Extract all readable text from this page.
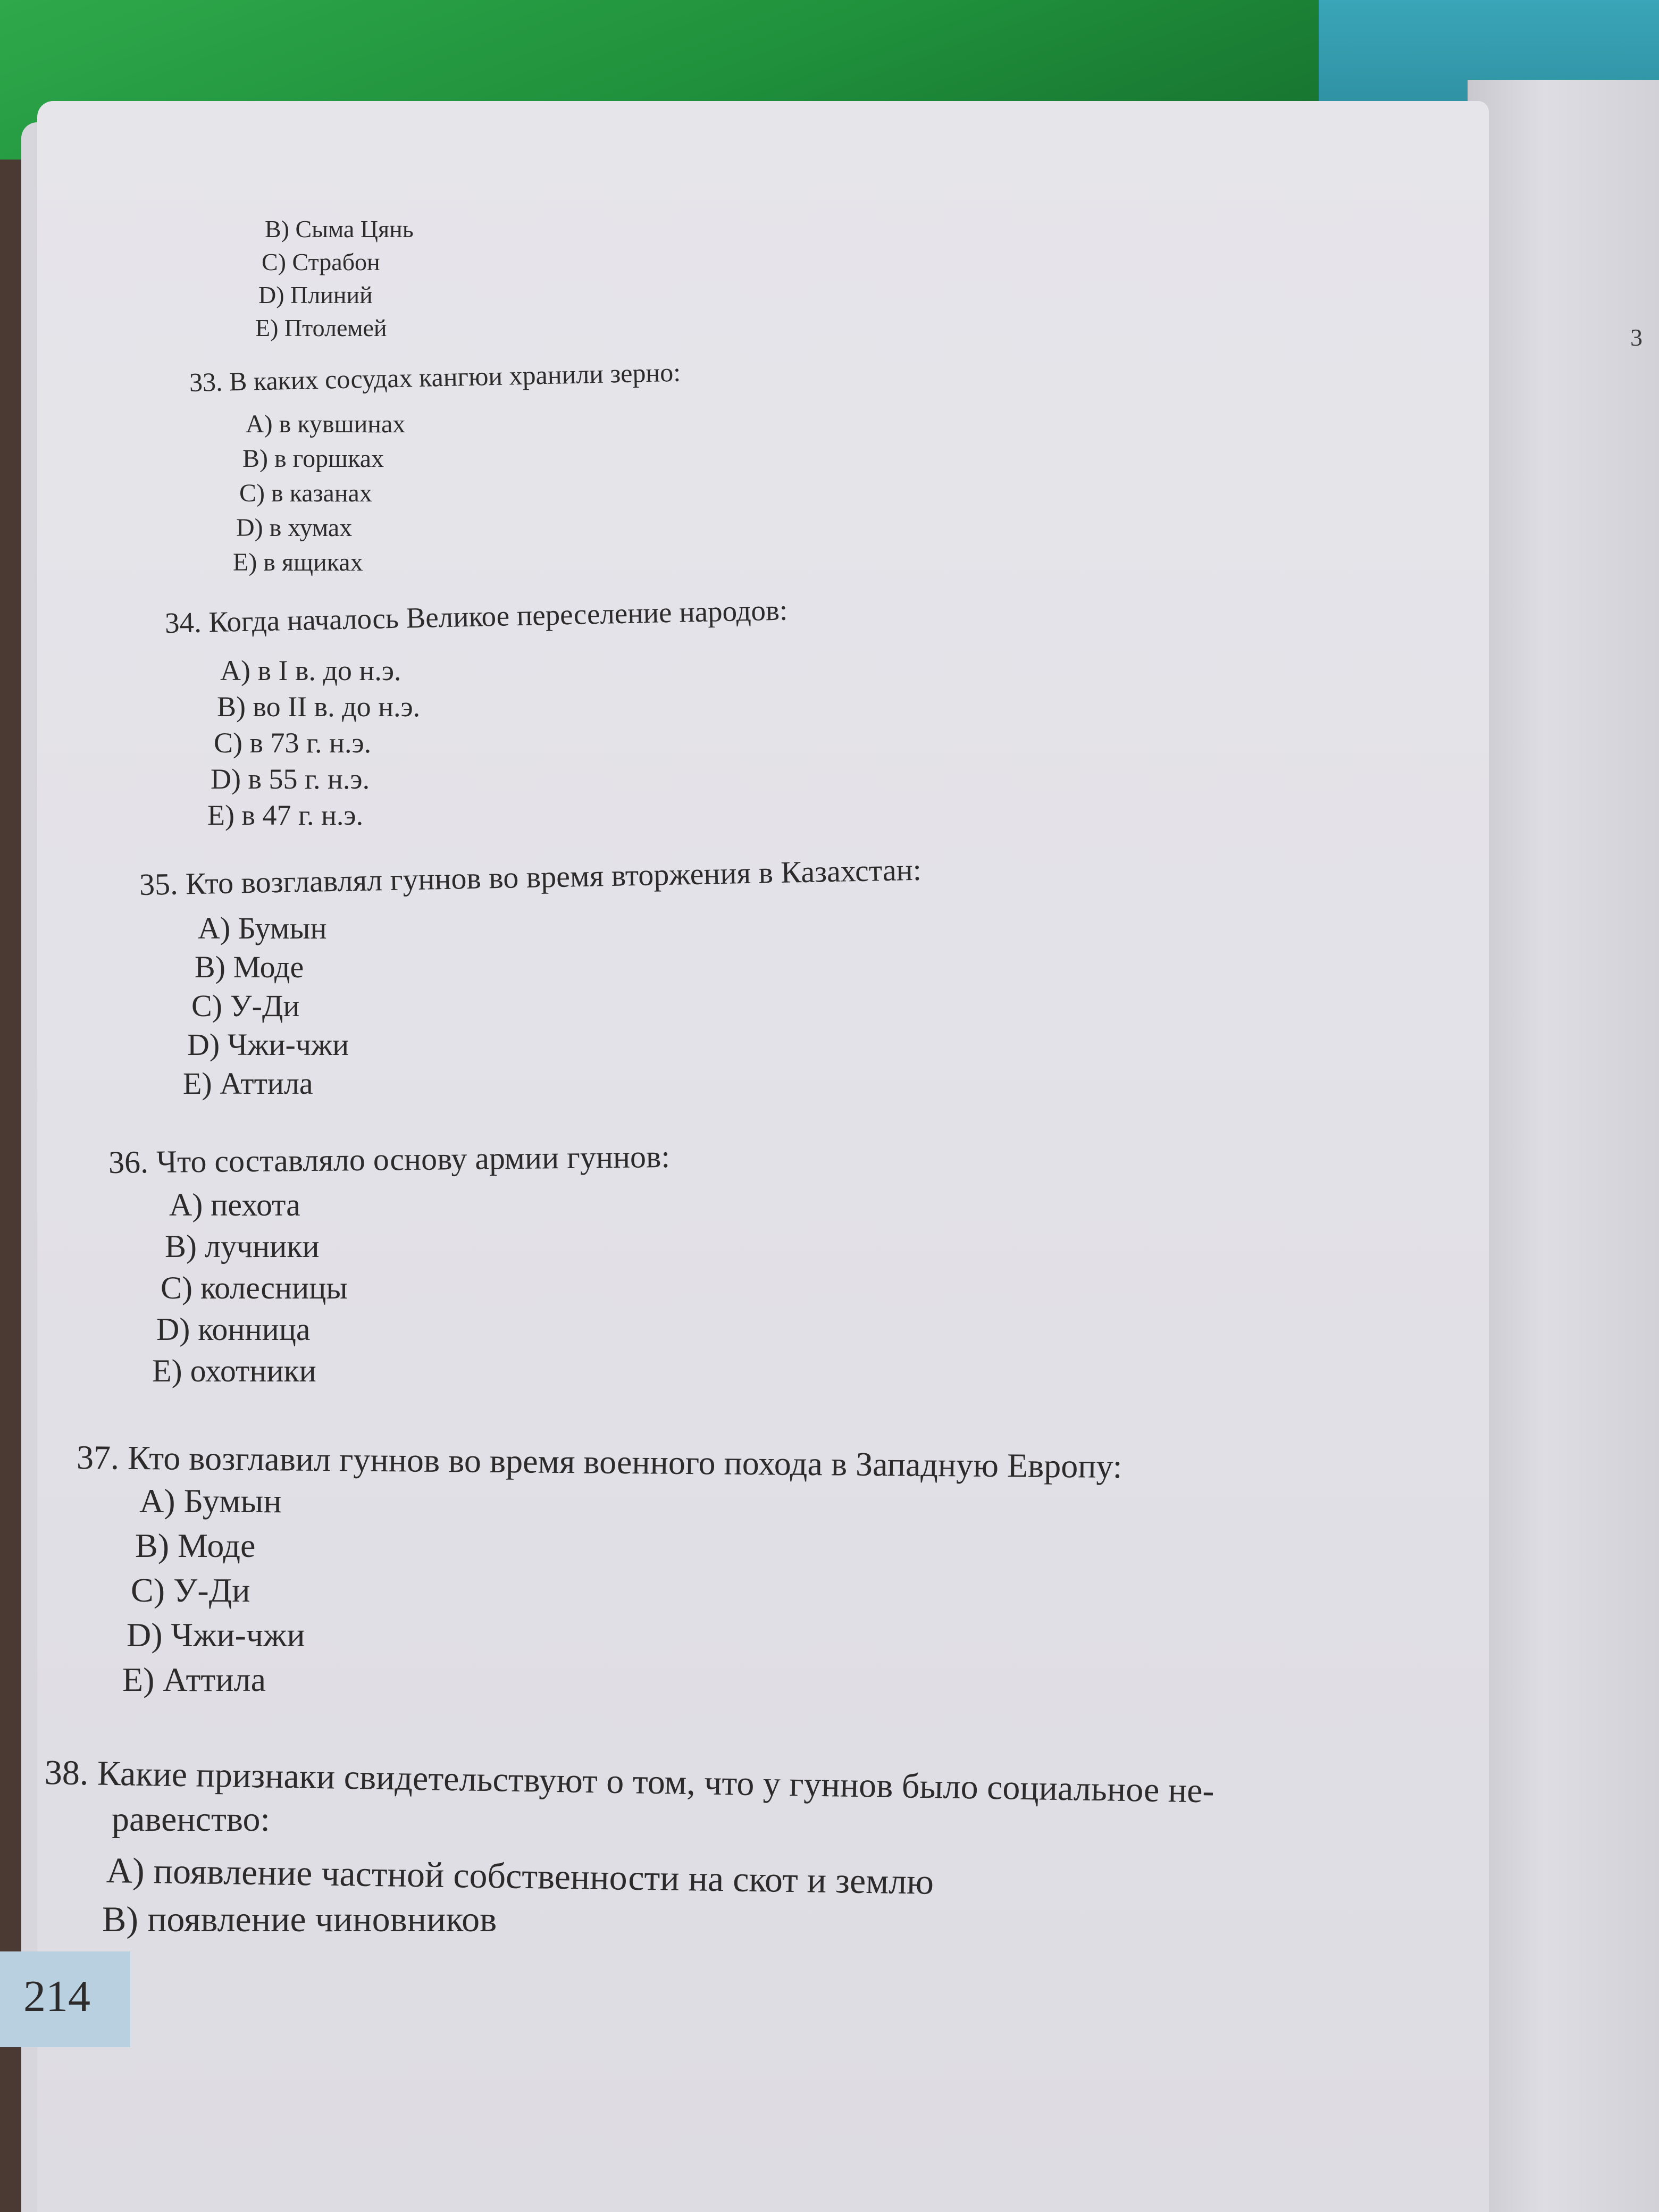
3
B) Сыма Цянь
C) Страбон
D) Плиний
E) Птолемей
33. В каких сосудах кангюи хранили зерно:
A) в кувшинах
B) в горшках
C) в казанах
D) в хумах
E) в ящиках
34. Когда началось Великое переселение народов:
A) в I в. до н.э.
B) во II в. до н.э.
C) в 73 г. н.э.
D) в 55 г. н.э.
E) в 47 г. н.э.
35. Кто возглавлял гуннов во время вторжения в Казахстан:
A) Бумын
B) Моде
C) У-Ди
D) Чжи-чжи
E) Аттила
36. Что составляло основу армии гуннов:
A) пехота
B) лучники
C) колесницы
D) конница
E) охотники
37. Кто возглавил гуннов во время военного похода в Западную Европу:
A) Бумын
B) Моде
C) У-Ди
D) Чжи-чжи
E) Аттила
38. Какие признаки свидетельствуют о том, что у гуннов было социальное не-
равенство:
A) появление частной собственности на скот и землю
B) появление чиновников
214
